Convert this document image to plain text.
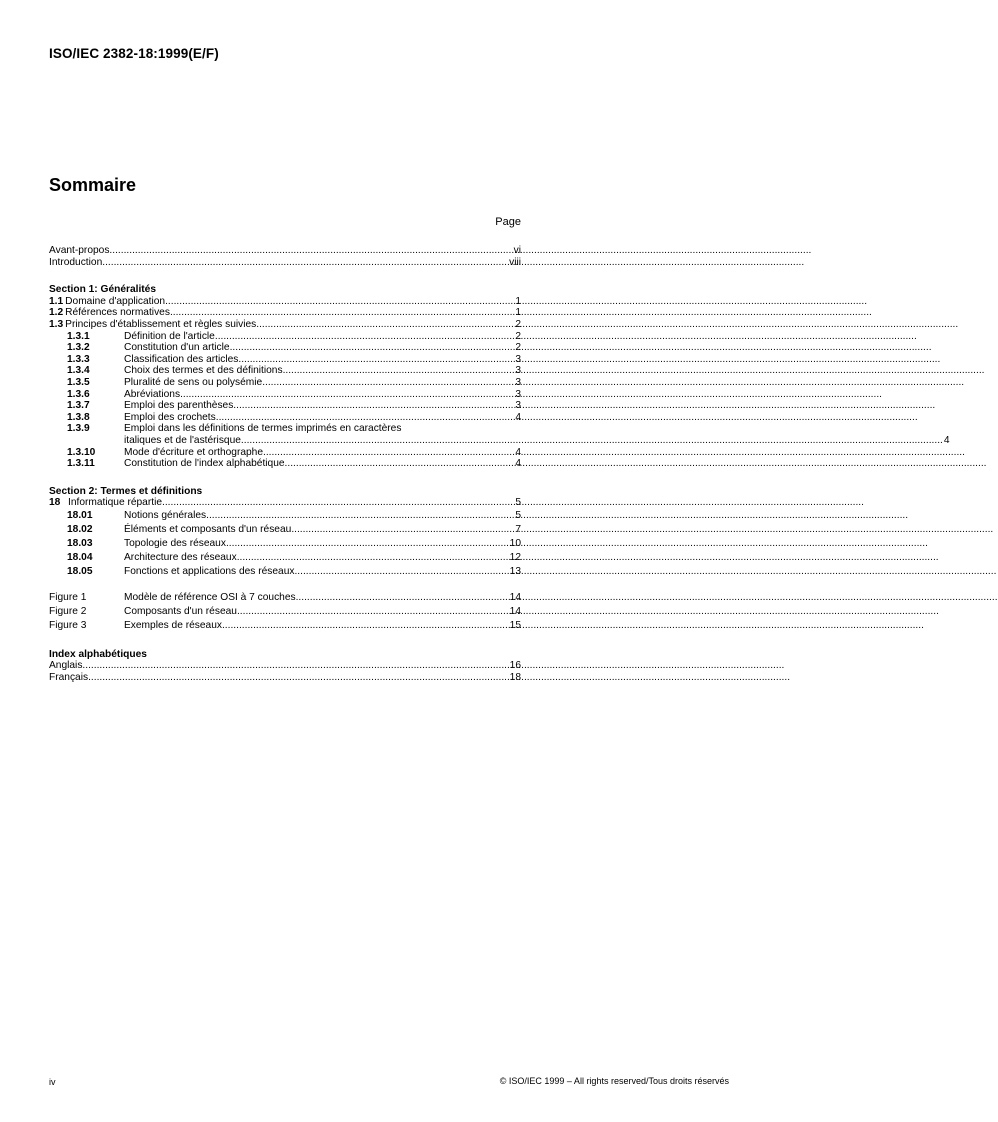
ISO/IEC 2382-18:1999(E/F)
Sommaire
Page
Avant-propos .....	vi
Introduction .....	viii
Section 1: Généralités
1.1 Domaine d'application .....	1
1.2 Références normatives .....	1
1.3 Principes d'établissement et règles suivies .....	2
1.3.1	Définition de l'article .....	2
1.3.2	Constitution d'un article .....	2
1.3.3	Classification des articles .....	3
1.3.4	Choix des termes et des définitions .....	3
1.3.5	Pluralité de sens ou polysémie .....	3
1.3.6	Abréviations .....	3
1.3.7	Emploi des parenthèses .....	3
1.3.8	Emploi des crochets .....	4
1.3.9	Emploi dans les définitions de termes imprimés en caractères
italiques et de l'astérisque .....	4
1.3.10	Mode d'écriture et orthographe .....	4
1.3.11	Constitution de l'index alphabétique .....	4
Section 2: Termes et définitions
18 Informatique répartie .....	5
18.01	Notions générales .....	5
18.02	Éléments et composants d'un réseau .....	7
18.03	Topologie des réseaux .....	10
18.04	Architecture des réseaux .....	12
18.05	Fonctions et applications des réseaux .....	13
Figure 1	Modèle de référence OSI à 7 couches .....	14
Figure 2	Composants d'un réseau .....	14
Figure 3	Exemples de réseaux .....	15
Index alphabétiques
Anglais .....	16
Français .....	18
iv	© ISO/IEC 1999 – All rights reserved/Tous droits réservés
